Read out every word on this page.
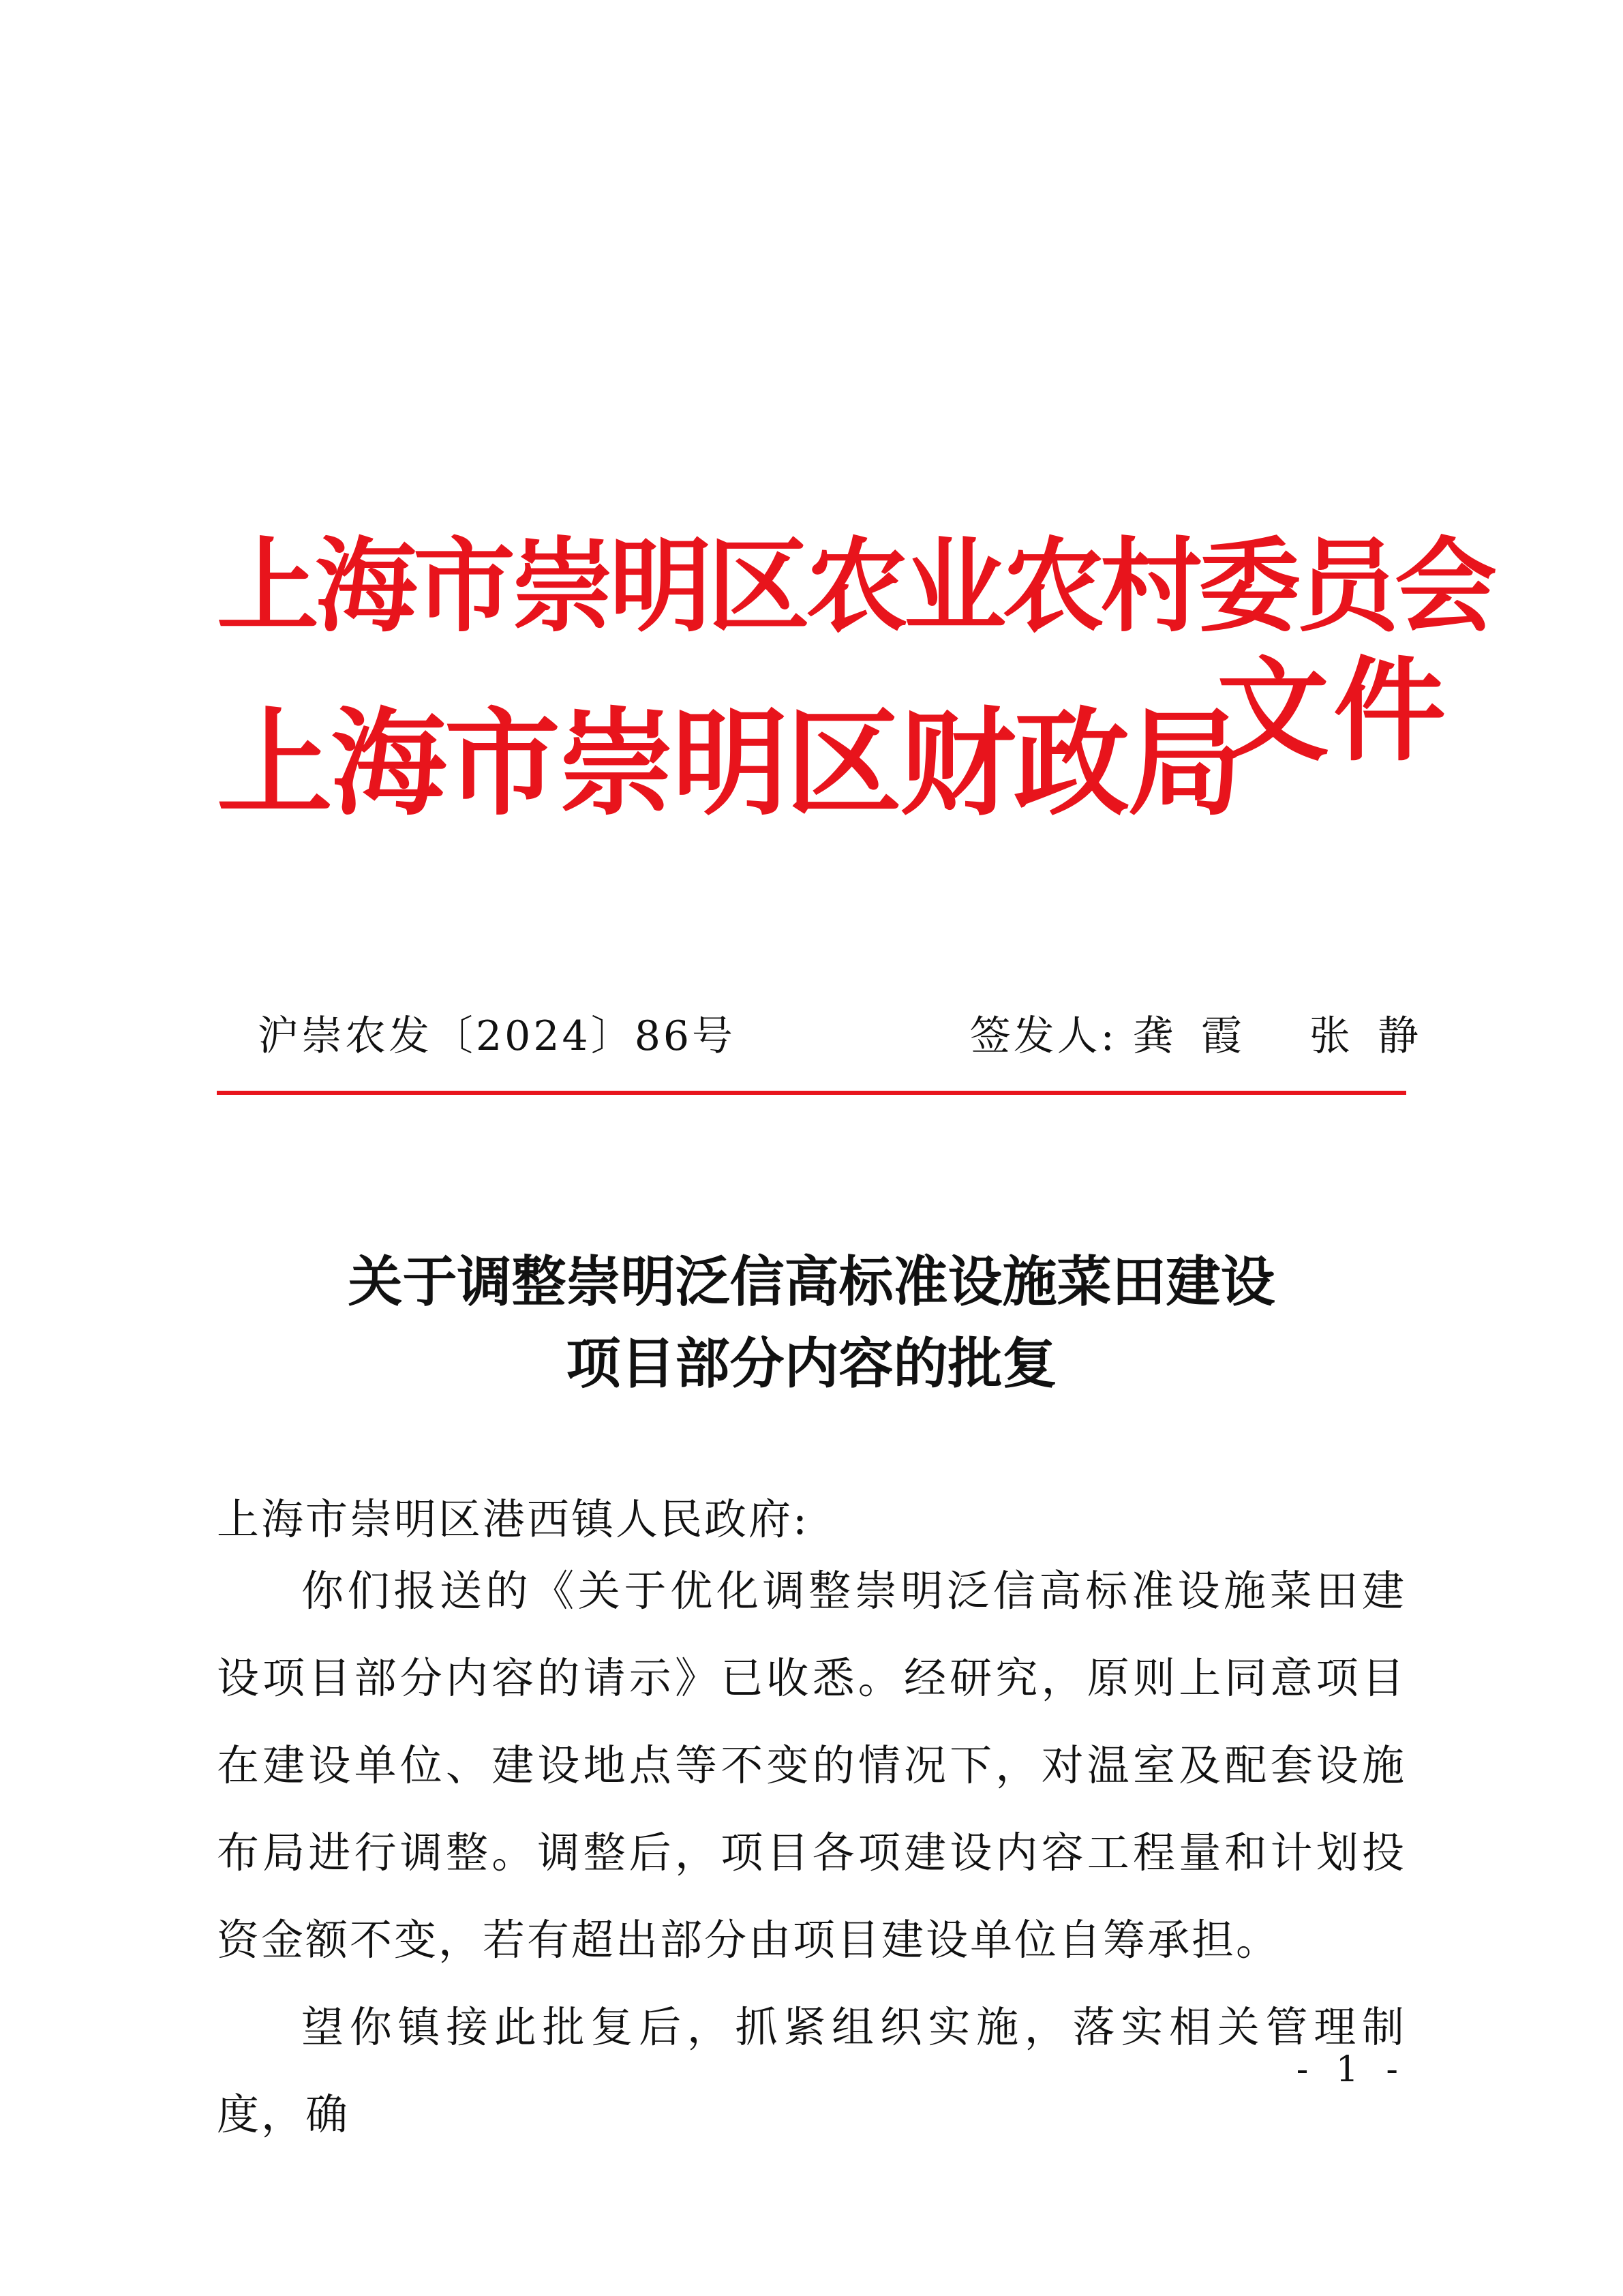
上海市崇明区农业农村委员会
上海市崇明区财政局
文件
沪崇农发〔2024〕86号	签发人: 龚霞 张静
关于调整崇明泛信高标准设施菜田建设
项目部分内容的批复
上海市崇明区港西镇人民政府:

你们报送的《关于优化调整崇明泛信高标准设施菜田建设项目部分内容的请示》已收悉。经研究，原则上同意项目在建设单位、建设地点等不变的情况下，对温室及配套设施布局进行调整。调整后，项目各项建设内容工程量和计划投资金额不变，若有超出部分由项目建设单位自筹承担。

望你镇接此批复后，抓紧组织实施，落实相关管理制度，确

- 1 -
